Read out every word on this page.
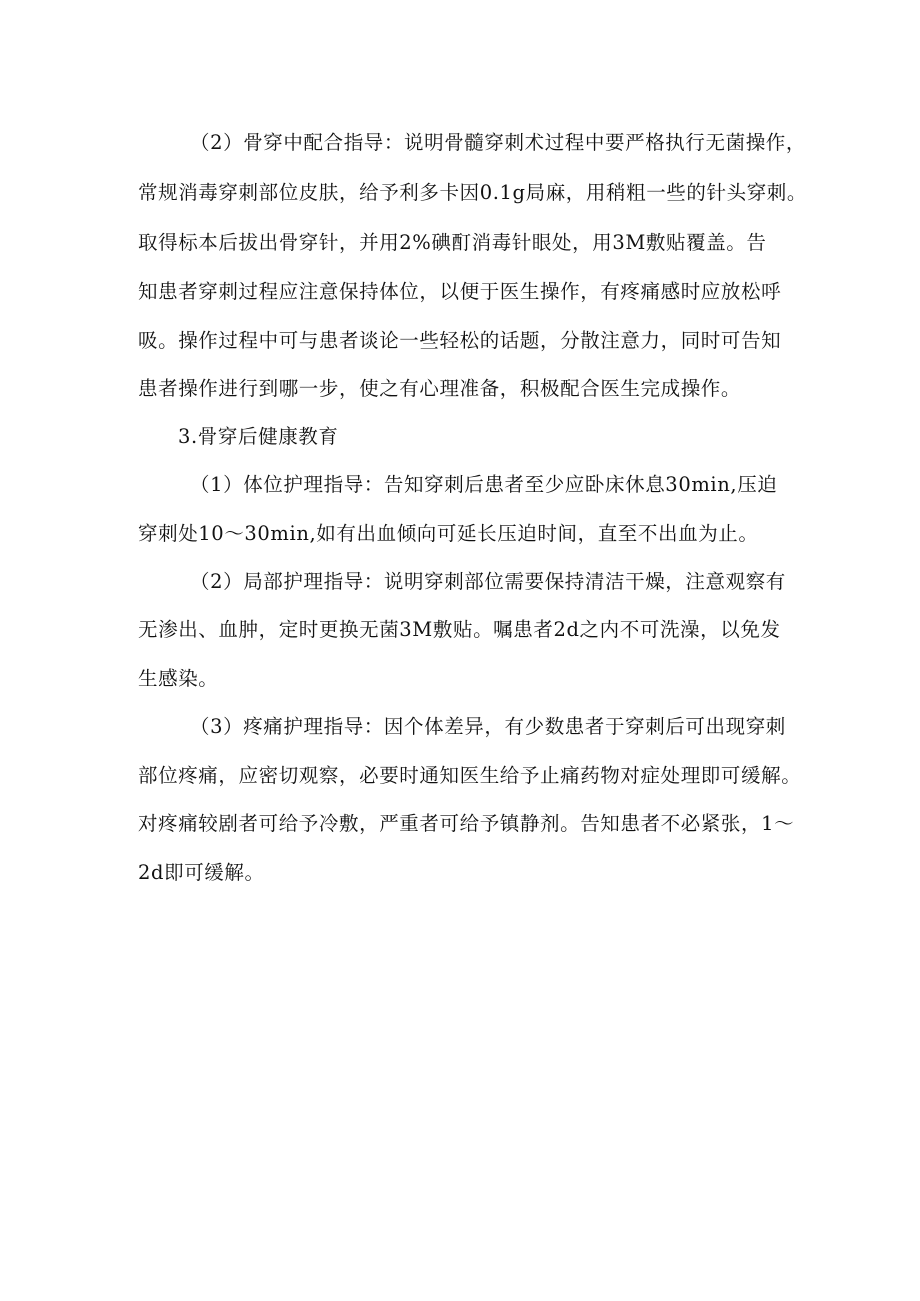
（2）骨穿中配合指导：说明骨髓穿刺术过程中要严格执行无菌操作，
常规消毒穿刺部位皮肤，给予利多卡因0.1g局麻，用稍粗一些的针头穿刺。
取得标本后拔出骨穿针，并用2%碘酊消毒针眼处，用3M敷贴覆盖。告
知患者穿刺过程应注意保持体位，以便于医生操作，有疼痛感时应放松呼
吸。操作过程中可与患者谈论一些轻松的话题，分散注意力，同时可告知
患者操作进行到哪一步，使之有心理准备，积极配合医生完成操作。
3.骨穿后健康教育
（1）体位护理指导：告知穿刺后患者至少应卧床休息30min,压迫
穿刺处10～30min,如有出血倾向可延长压迫时间，直至不出血为止。
（2）局部护理指导：说明穿刺部位需要保持清洁干燥，注意观察有
无渗出、血肿，定时更换无菌3M敷贴。嘱患者2d之内不可洗澡，以免发
生感染。
（3）疼痛护理指导：因个体差异，有少数患者于穿刺后可出现穿刺
部位疼痛，应密切观察，必要时通知医生给予止痛药物对症处理即可缓解。
对疼痛较剧者可给予冷敷，严重者可给予镇静剂。告知患者不必紧张，1～
2d即可缓解。
